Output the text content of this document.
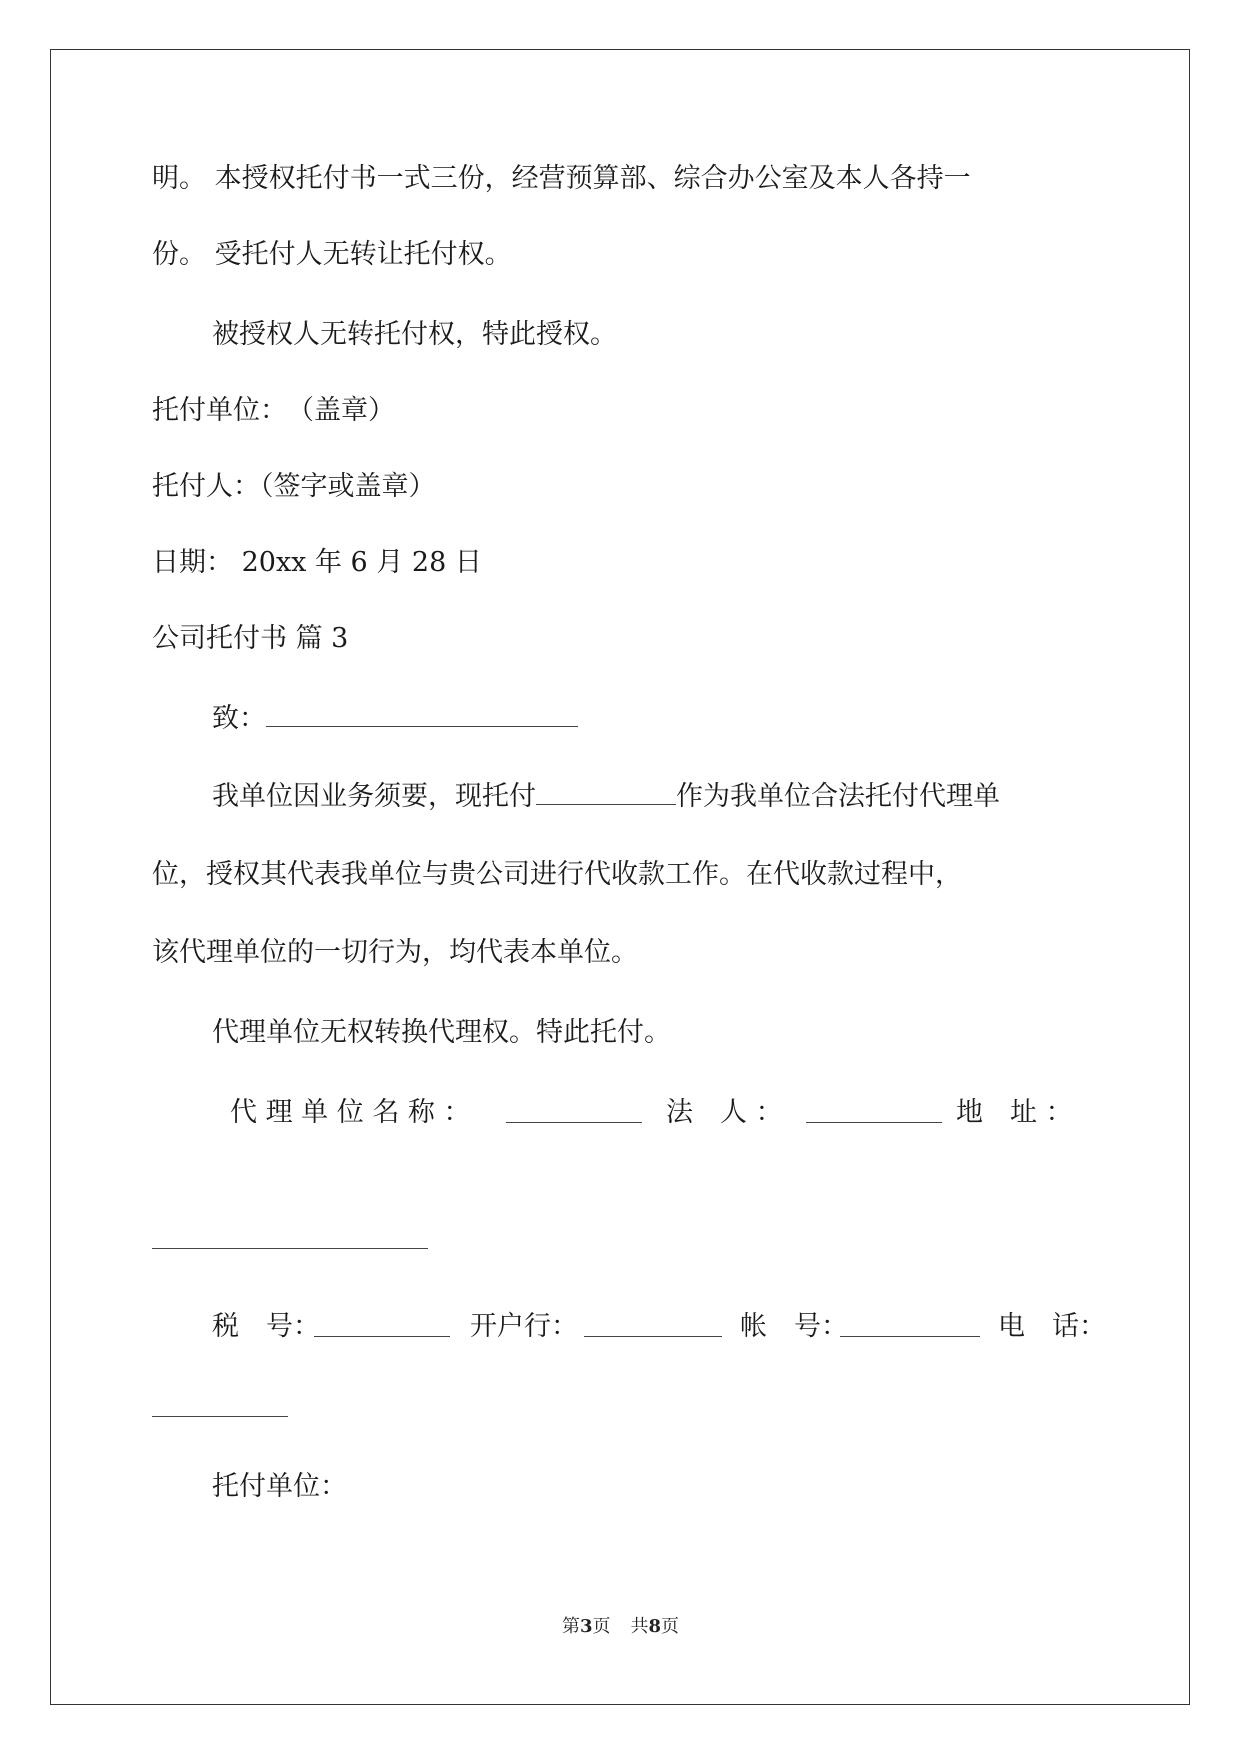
明。 本授权托付书一式三份，经营预算部、综合办公室及本人各持一
份。 受托付人无转让托付权。
被授权人无转托付权，特此授权。
托付单位：　（盖章）
托付人：（签字或盖章）
日期： 20xx 年 6 月 28 日
公司托付书 篇 3
致：
我单位因业务须要，现托付	作为我单位合法托付代理单
位，授权其代表我单位与贵公司进行代收款工作。在代收款过程中，
该代理单位的一切行为，均代表本单位。
代理单位无权转换代理权。特此托付。
代 理 单 位 名 称 ：	法　人 ：	地　址 ：
税　号：	开户行：	帐　号：	电　话：
托付单位：
第3页 共8页
